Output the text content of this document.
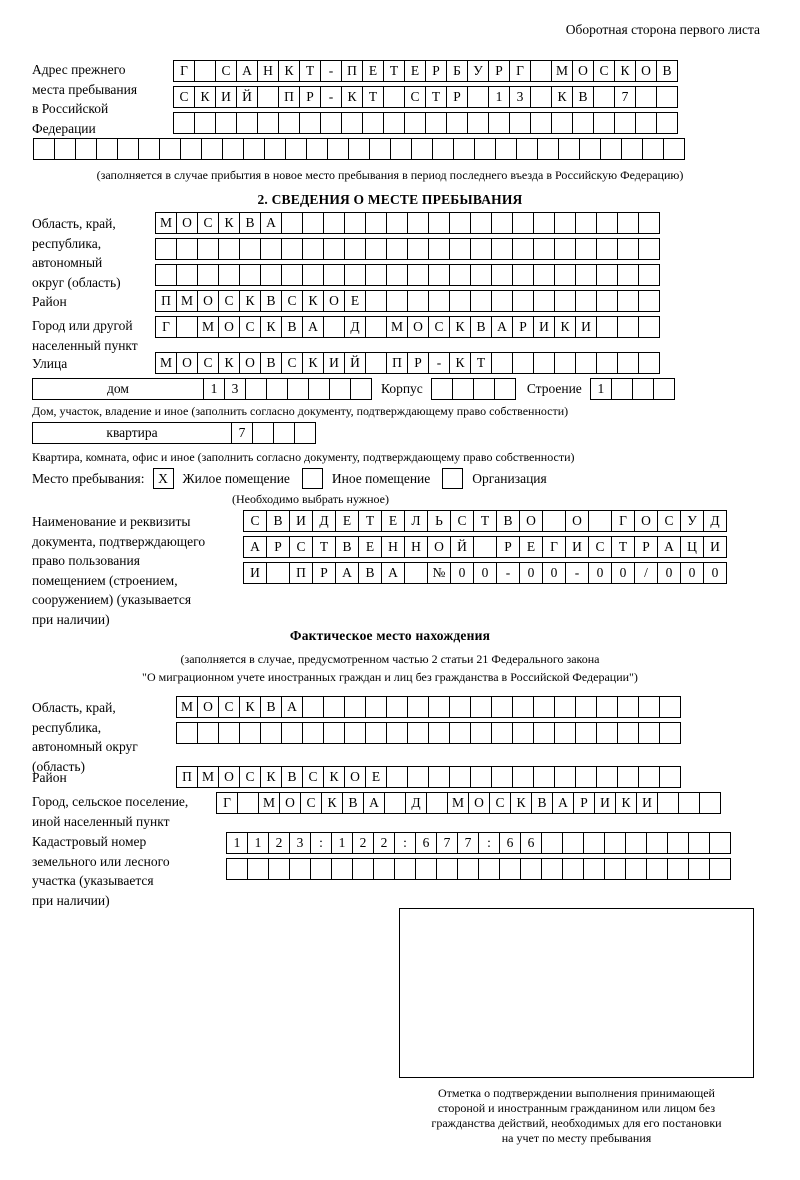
Оборотная сторона первого листа
Адрес прежнего
места пребывания
в Российской
Федерации
Г	С А Н К Т	-	П Е Т Е Р Б У Р Г	М О С К О В
С К И Й	П Р	-	К Т	С Т Р	1	3	К В	7
(заполняется в случае прибытия в новое место пребывания в период последнего въезда в Российскую Федерацию)
2. СВЕДЕНИЯ О МЕСТЕ ПРЕБЫВАНИЯ
Область, край,
республика,
автономный
округ (область)
М О С К В А
Район	П М О С К В С К О Е
Город или другой
населенный пункт
Г	М О С К В А	Д	М О С К В А Р И К И
Улица	М О С К О В С К И Й	П Р	-	К Т
дом	1	3	Корпус	Строение	1
Дом, участок, владение и иное (заполнить согласно документу, подтверждающему право собственности)
квартира	7
Квартира, комната, офис и иное (заполнить согласно документу, подтверждающему право собственности)
Место пребывания:	X	Жилое помещение	Иное помещение	Организация
(Необходимо выбрать нужное)
Наименование и реквизиты
документа, подтверждающего
право пользования
помещением (строением,
сооружением) (указывается
при наличии)
С	В	И	Д	Е	Т	Е	Л	Ь	С	Т	В	О	О	Г	О	С	У	Д
А	Р	С	Т	В	Е	Н Н О Й	Р	Е	Г	И	С	Т	Р	А Ц И
И	П	Р	А	В	А	№ 0	0	-	0	0	-	0	0	/	0	0	0
Фактическое место нахождения
(заполняется в случае, предусмотренном частью 2 статьи 21 Федерального закона
"О миграционном учете иностранных граждан и лиц без гражданства в Российской Федерации")
Область, край,
республика,
автономный округ
(область)
М О С К В А
Район	П М О С К В С К О Е
Город, сельское поселение,
иной населенный пункт
Г	М О С К В А	Д	М О С К В А Р И К И
Кадастровый номер
земельного или лесного
участка (указывается
при наличии)
1	1	2	3	:	1	2	2	:	6	7	7	:	6	6
Отметка о подтверждении выполнения принимающей
стороной и иностранным гражданином или лицом без
гражданства действий, необходимых для его постановки
на учет по месту пребывания
